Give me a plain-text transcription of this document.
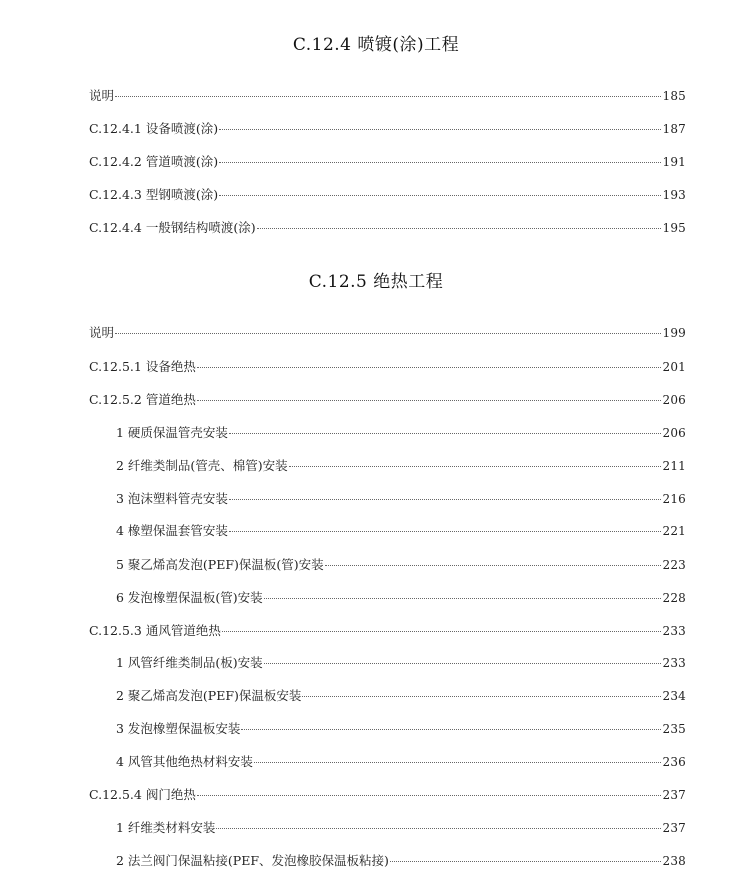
C.12.4 喷镀(涂)工程
说明	185
C.12.4.1 设备喷渡(涂)	187
C.12.4.2 管道喷渡(涂)	191
C.12.4.3 型钢喷渡(涂)	193
C.12.4.4 一般钢结构喷渡(涂)	195
C.12.5 绝热工程
说明	199
C.12.5.1 设备绝热	201
C.12.5.2 管道绝热	206
1 硬质保温管壳安装	206
2 纤维类制品(管壳、棉管)安装	211
3 泡沫塑料管壳安装	216
4 橡塑保温套管安装	221
5 聚乙烯高发泡(PEF)保温板(管)安装	223
6 发泡橡塑保温板(管)安装	228
C.12.5.3 通风管道绝热	233
1 风管纤维类制品(板)安装	233
2 聚乙烯高发泡(PEF)保温板安装	234
3 发泡橡塑保温板安装	235
4 风管其他绝热材料安装	236
C.12.5.4 阀门绝热	237
1 纤维类材料安装	237
2 法兰阀门保温粘接(PEF、发泡橡胶保温板粘接)	238
